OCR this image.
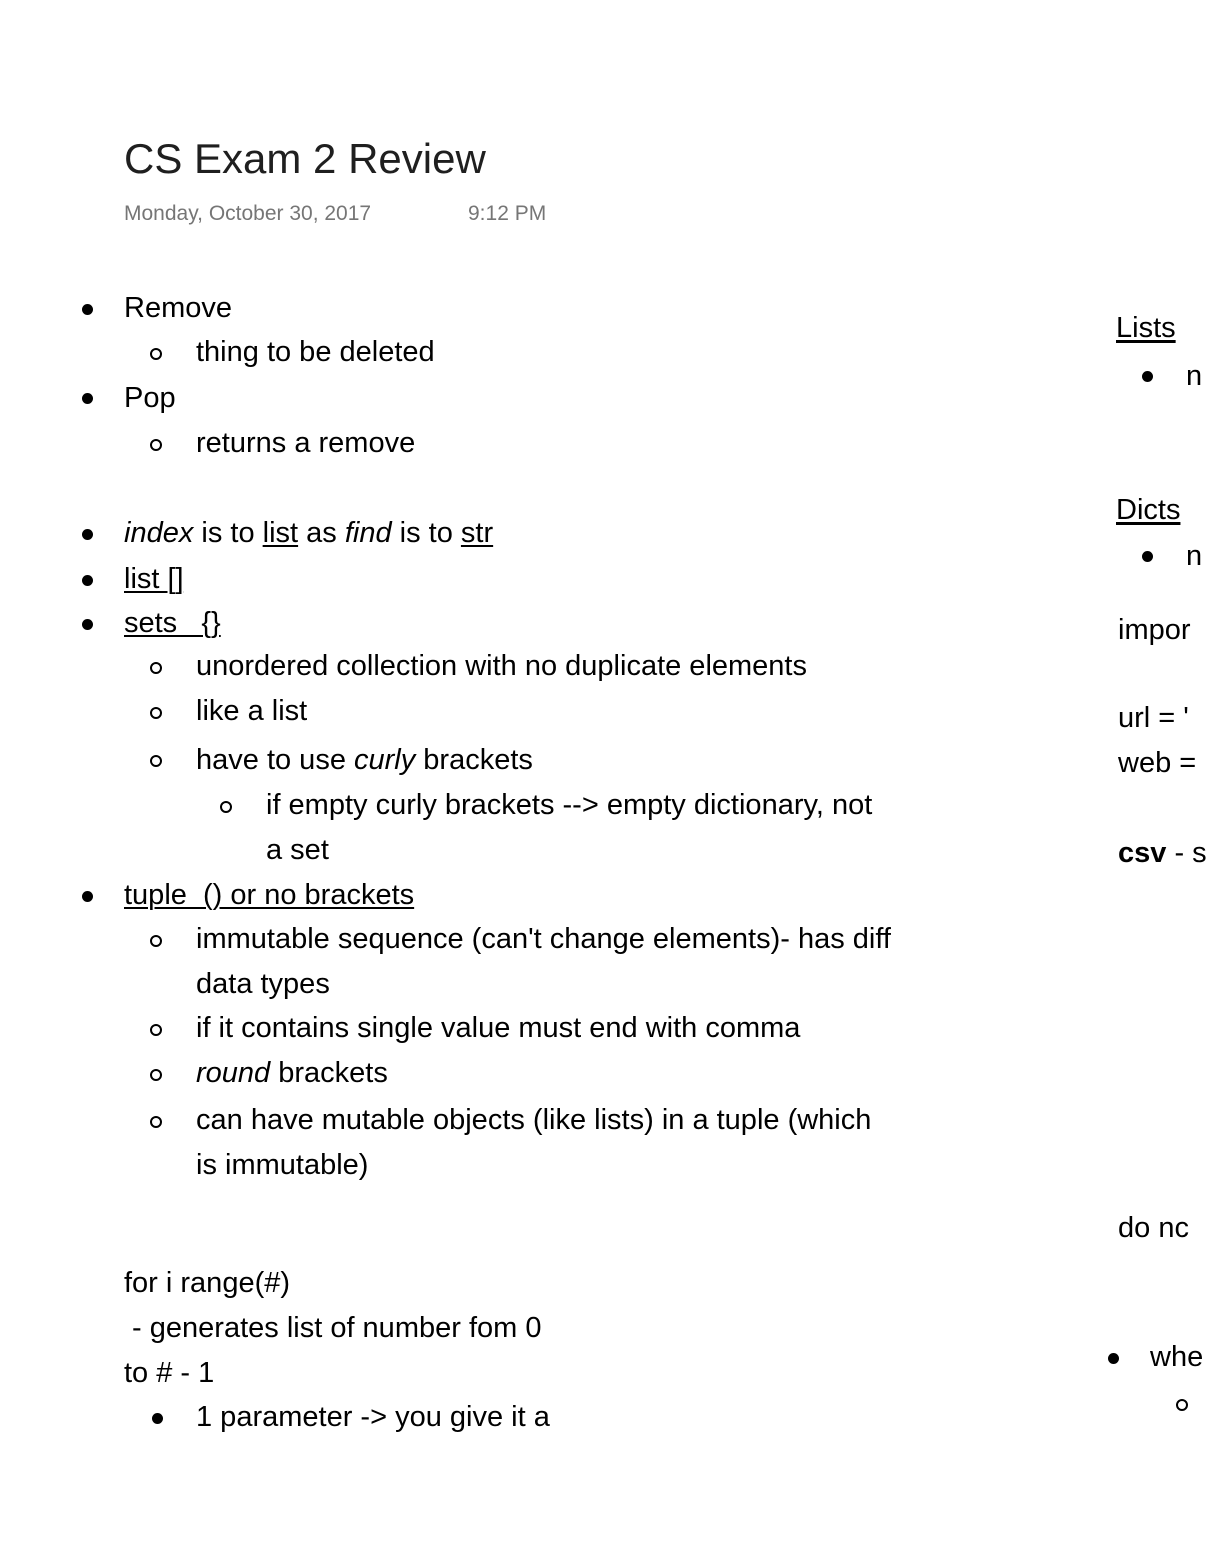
CS Exam 2 Review
Monday, October 30, 2017	9:12 PM
Remove
thing to be deleted
Pop
returns a remove
index is to list as find is to str
list []
sets   {}
unordered collection with no duplicate elements
like a list
have to use curly brackets
if empty curly brackets --> empty dictionary, not
a set
tuple  () or no brackets
immutable sequence (can't change elements)- has diff
data types
if it contains single value must end with comma
round brackets
can have mutable objects (like lists) in a tuple (which
is immutable)
for i range(#)
- generates list of number fom 0
to # - 1
1 parameter -> you give it a
Lists
n
Dicts
n
impor
url = '
web =
csv - s
do nc
whe
